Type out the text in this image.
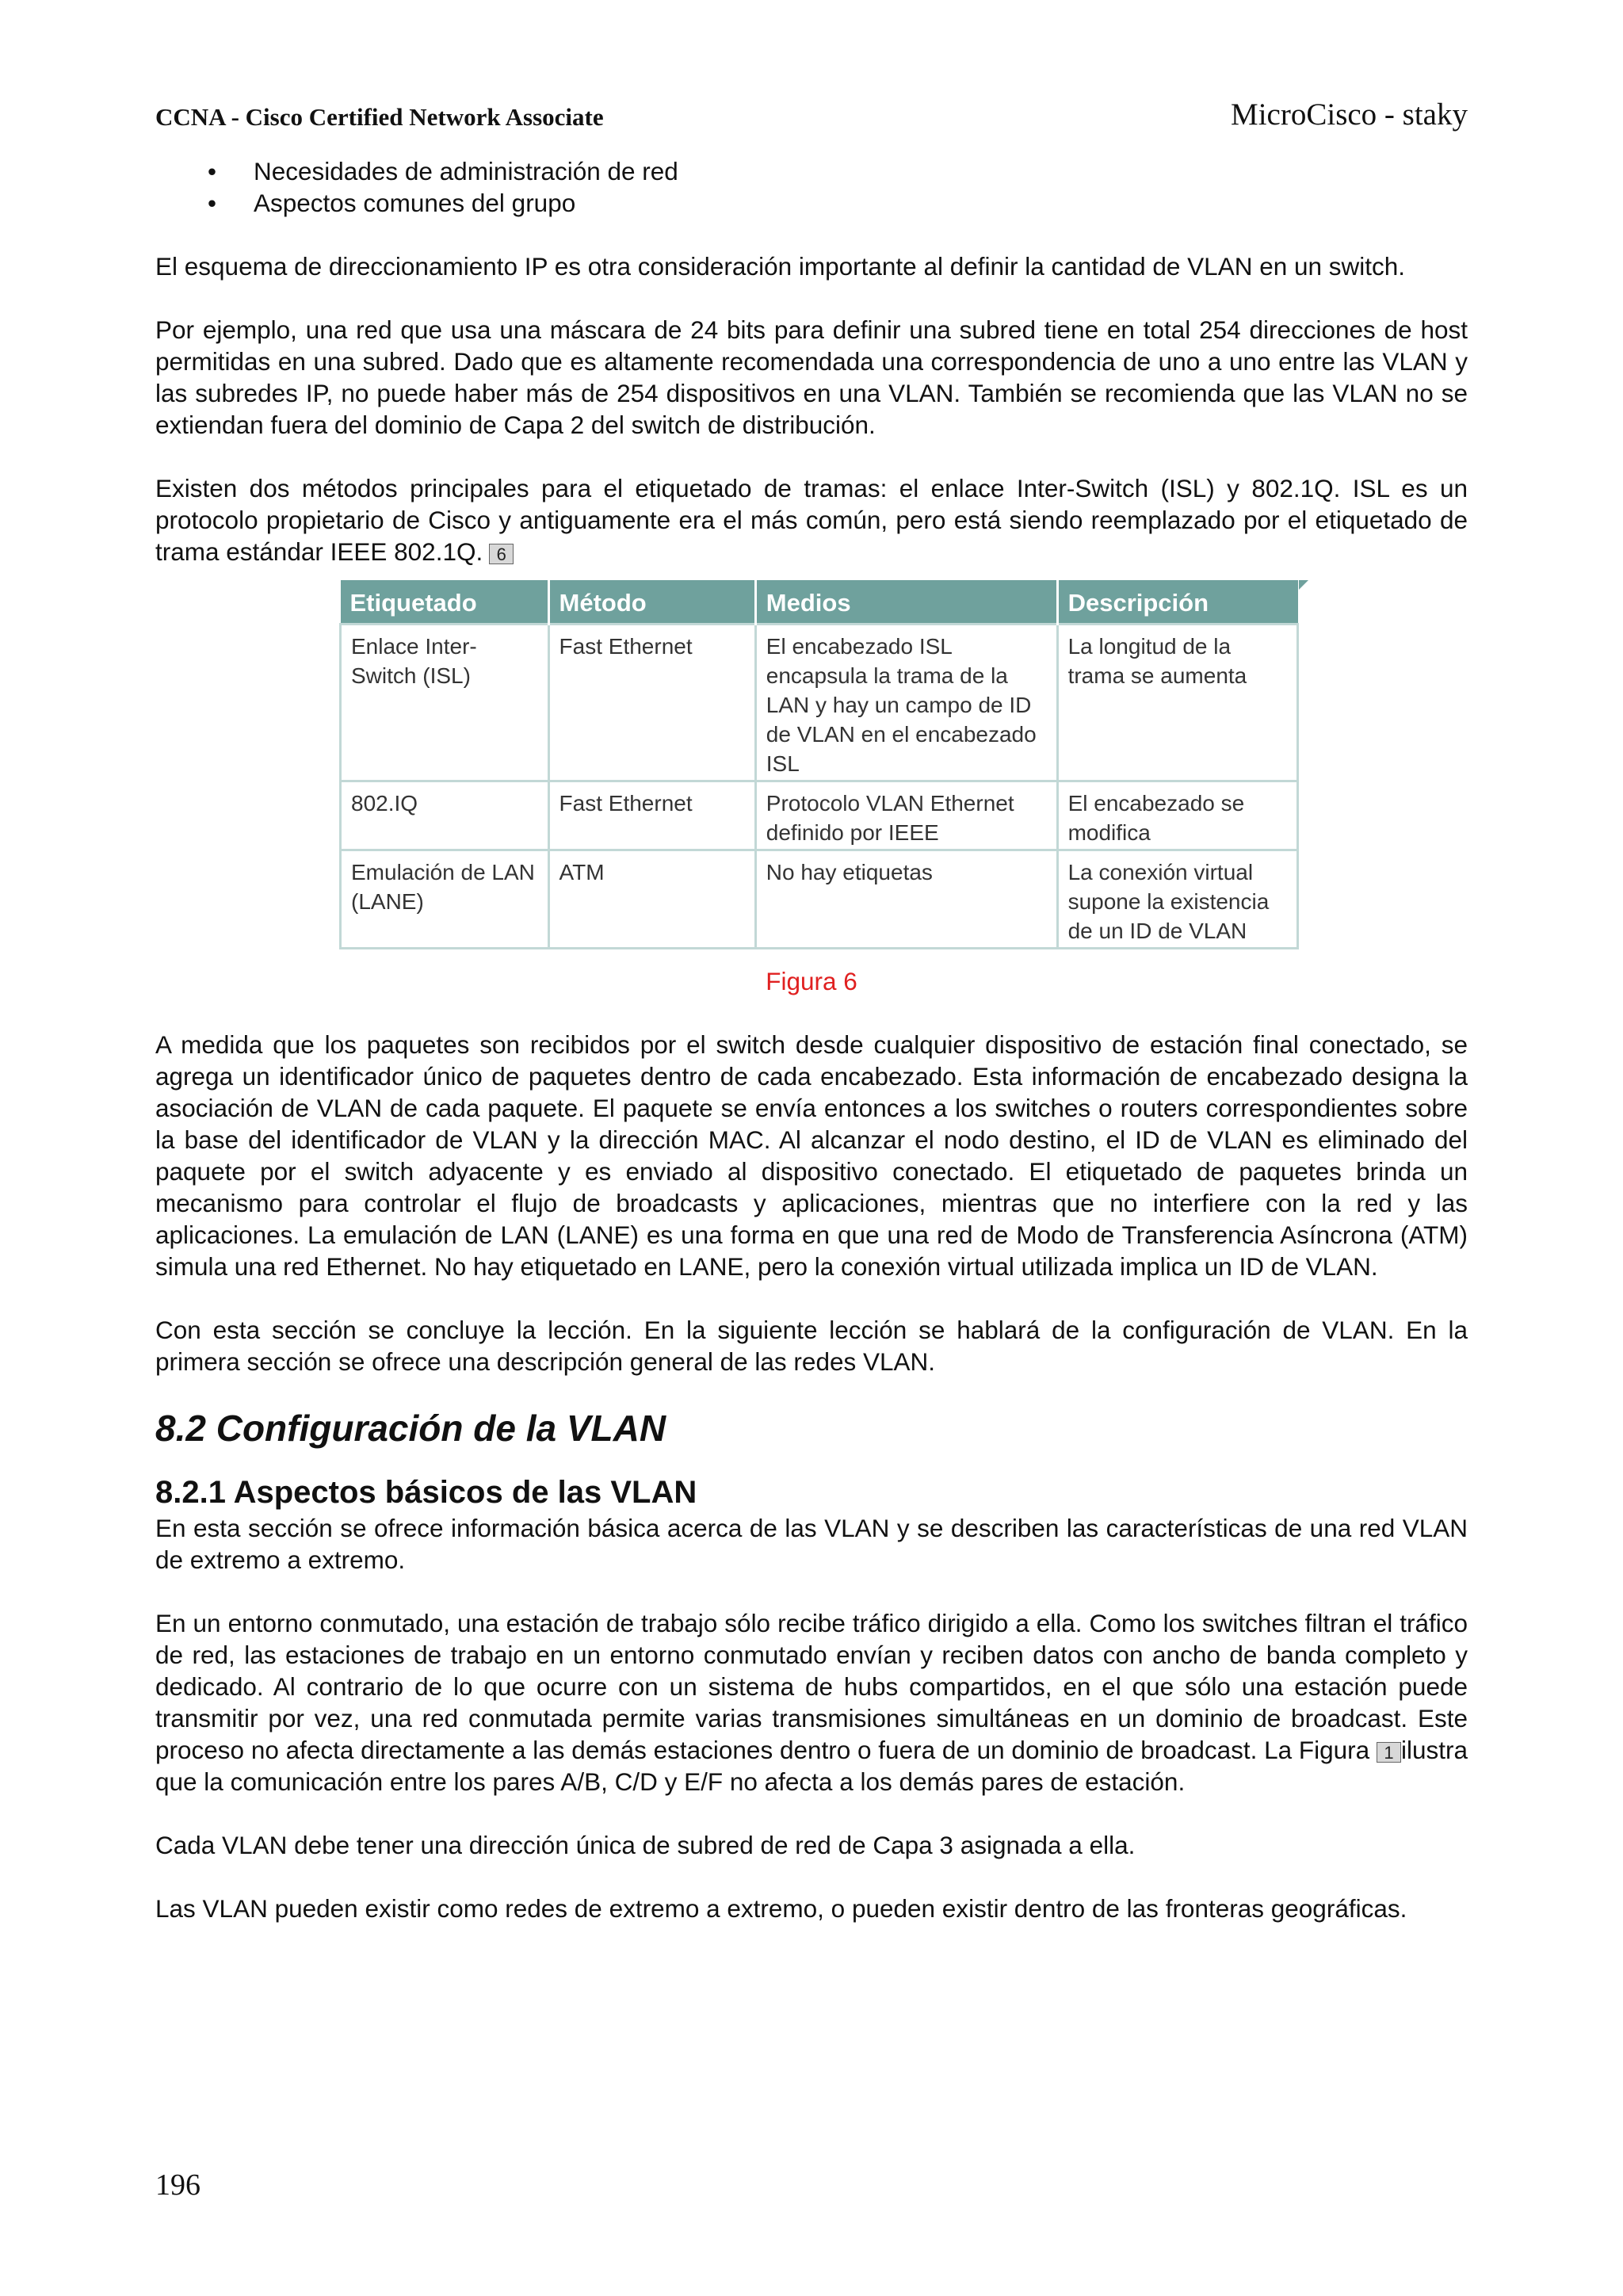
CCNA - Cisco Certified Network Associate	MicroCisco - staky
• Necesidades de administración de red
• Aspectos comunes del grupo

El esquema de direccionamiento IP es otra consideración importante al definir la cantidad de VLAN en un switch.

Por ejemplo, una red que usa una máscara de 24 bits para definir una subred tiene en total 254 direcciones de host permitidas en una subred. Dado que es altamente recomendada una correspondencia de uno a uno entre las VLAN y las subredes IP, no puede haber más de 254 dispositivos en una VLAN. También se recomienda que las VLAN no se extiendan fuera del dominio de Capa 2 del switch de distribución.

Existen dos métodos principales para el etiquetado de tramas: el enlace Inter-Switch (ISL) y 802.1Q. ISL es un protocolo propietario de Cisco y antiguamente era el más común, pero está siendo reemplazado por el etiquetado de trama estándar IEEE 802.1Q. 6

Etiquetado	Método	Medios	Descripción
Enlace Inter-Switch (ISL)	Fast Ethernet	El encabezado ISL encapsula la trama de la LAN y hay un campo de ID de VLAN en el encabezado ISL	La longitud de la trama se aumenta
802.IQ	Fast Ethernet	Protocolo VLAN Ethernet definido por IEEE	El encabezado se modifica
Emulación de LAN (LANE)	ATM	No hay etiquetas	La conexión virtual supone la existencia de un ID de VLAN
Figura 6

A medida que los paquetes son recibidos por el switch desde cualquier dispositivo de estación final conectado, se agrega un identificador único de paquetes dentro de cada encabezado. Esta información de encabezado designa la asociación de VLAN de cada paquete. El paquete se envía entonces a los switches o routers correspondientes sobre la base del identificador de VLAN y la dirección MAC. Al alcanzar el nodo destino, el ID de VLAN es eliminado del paquete por el switch adyacente y es enviado al dispositivo conectado. El etiquetado de paquetes brinda un mecanismo para controlar el flujo de broadcasts y aplicaciones, mientras que no interfiere con la red y las aplicaciones. La emulación de LAN (LANE) es una forma en que una red de Modo de Transferencia Asíncrona (ATM) simula una red Ethernet. No hay etiquetado en LANE, pero la conexión virtual utilizada implica un ID de VLAN.

Con esta sección se concluye la lección. En la siguiente lección se hablará de la configuración de VLAN. En la primera sección se ofrece una descripción general de las redes VLAN.

8.2 Configuración de la VLAN
8.2.1 Aspectos básicos de las VLAN

En esta sección se ofrece información básica acerca de las VLAN y se describen las características de una red VLAN de extremo a extremo.

En un entorno conmutado, una estación de trabajo sólo recibe tráfico dirigido a ella. Como los switches filtran el tráfico de red, las estaciones de trabajo en un entorno conmutado envían y reciben datos con ancho de banda completo y dedicado. Al contrario de lo que ocurre con un sistema de hubs compartidos, en el que sólo una estación puede transmitir por vez, una red conmutada permite varias transmisiones simultáneas en un dominio de broadcast. Este proceso no afecta directamente a las demás estaciones dentro o fuera de un dominio de broadcast. La Figura 1 ilustra que la comunicación entre los pares A/B, C/D y E/F no afecta a los demás pares de estación.

Cada VLAN debe tener una dirección única de subred de red de Capa 3 asignada a ella.

Las VLAN pueden existir como redes de extremo a extremo, o pueden existir dentro de las fronteras geográficas.

196
